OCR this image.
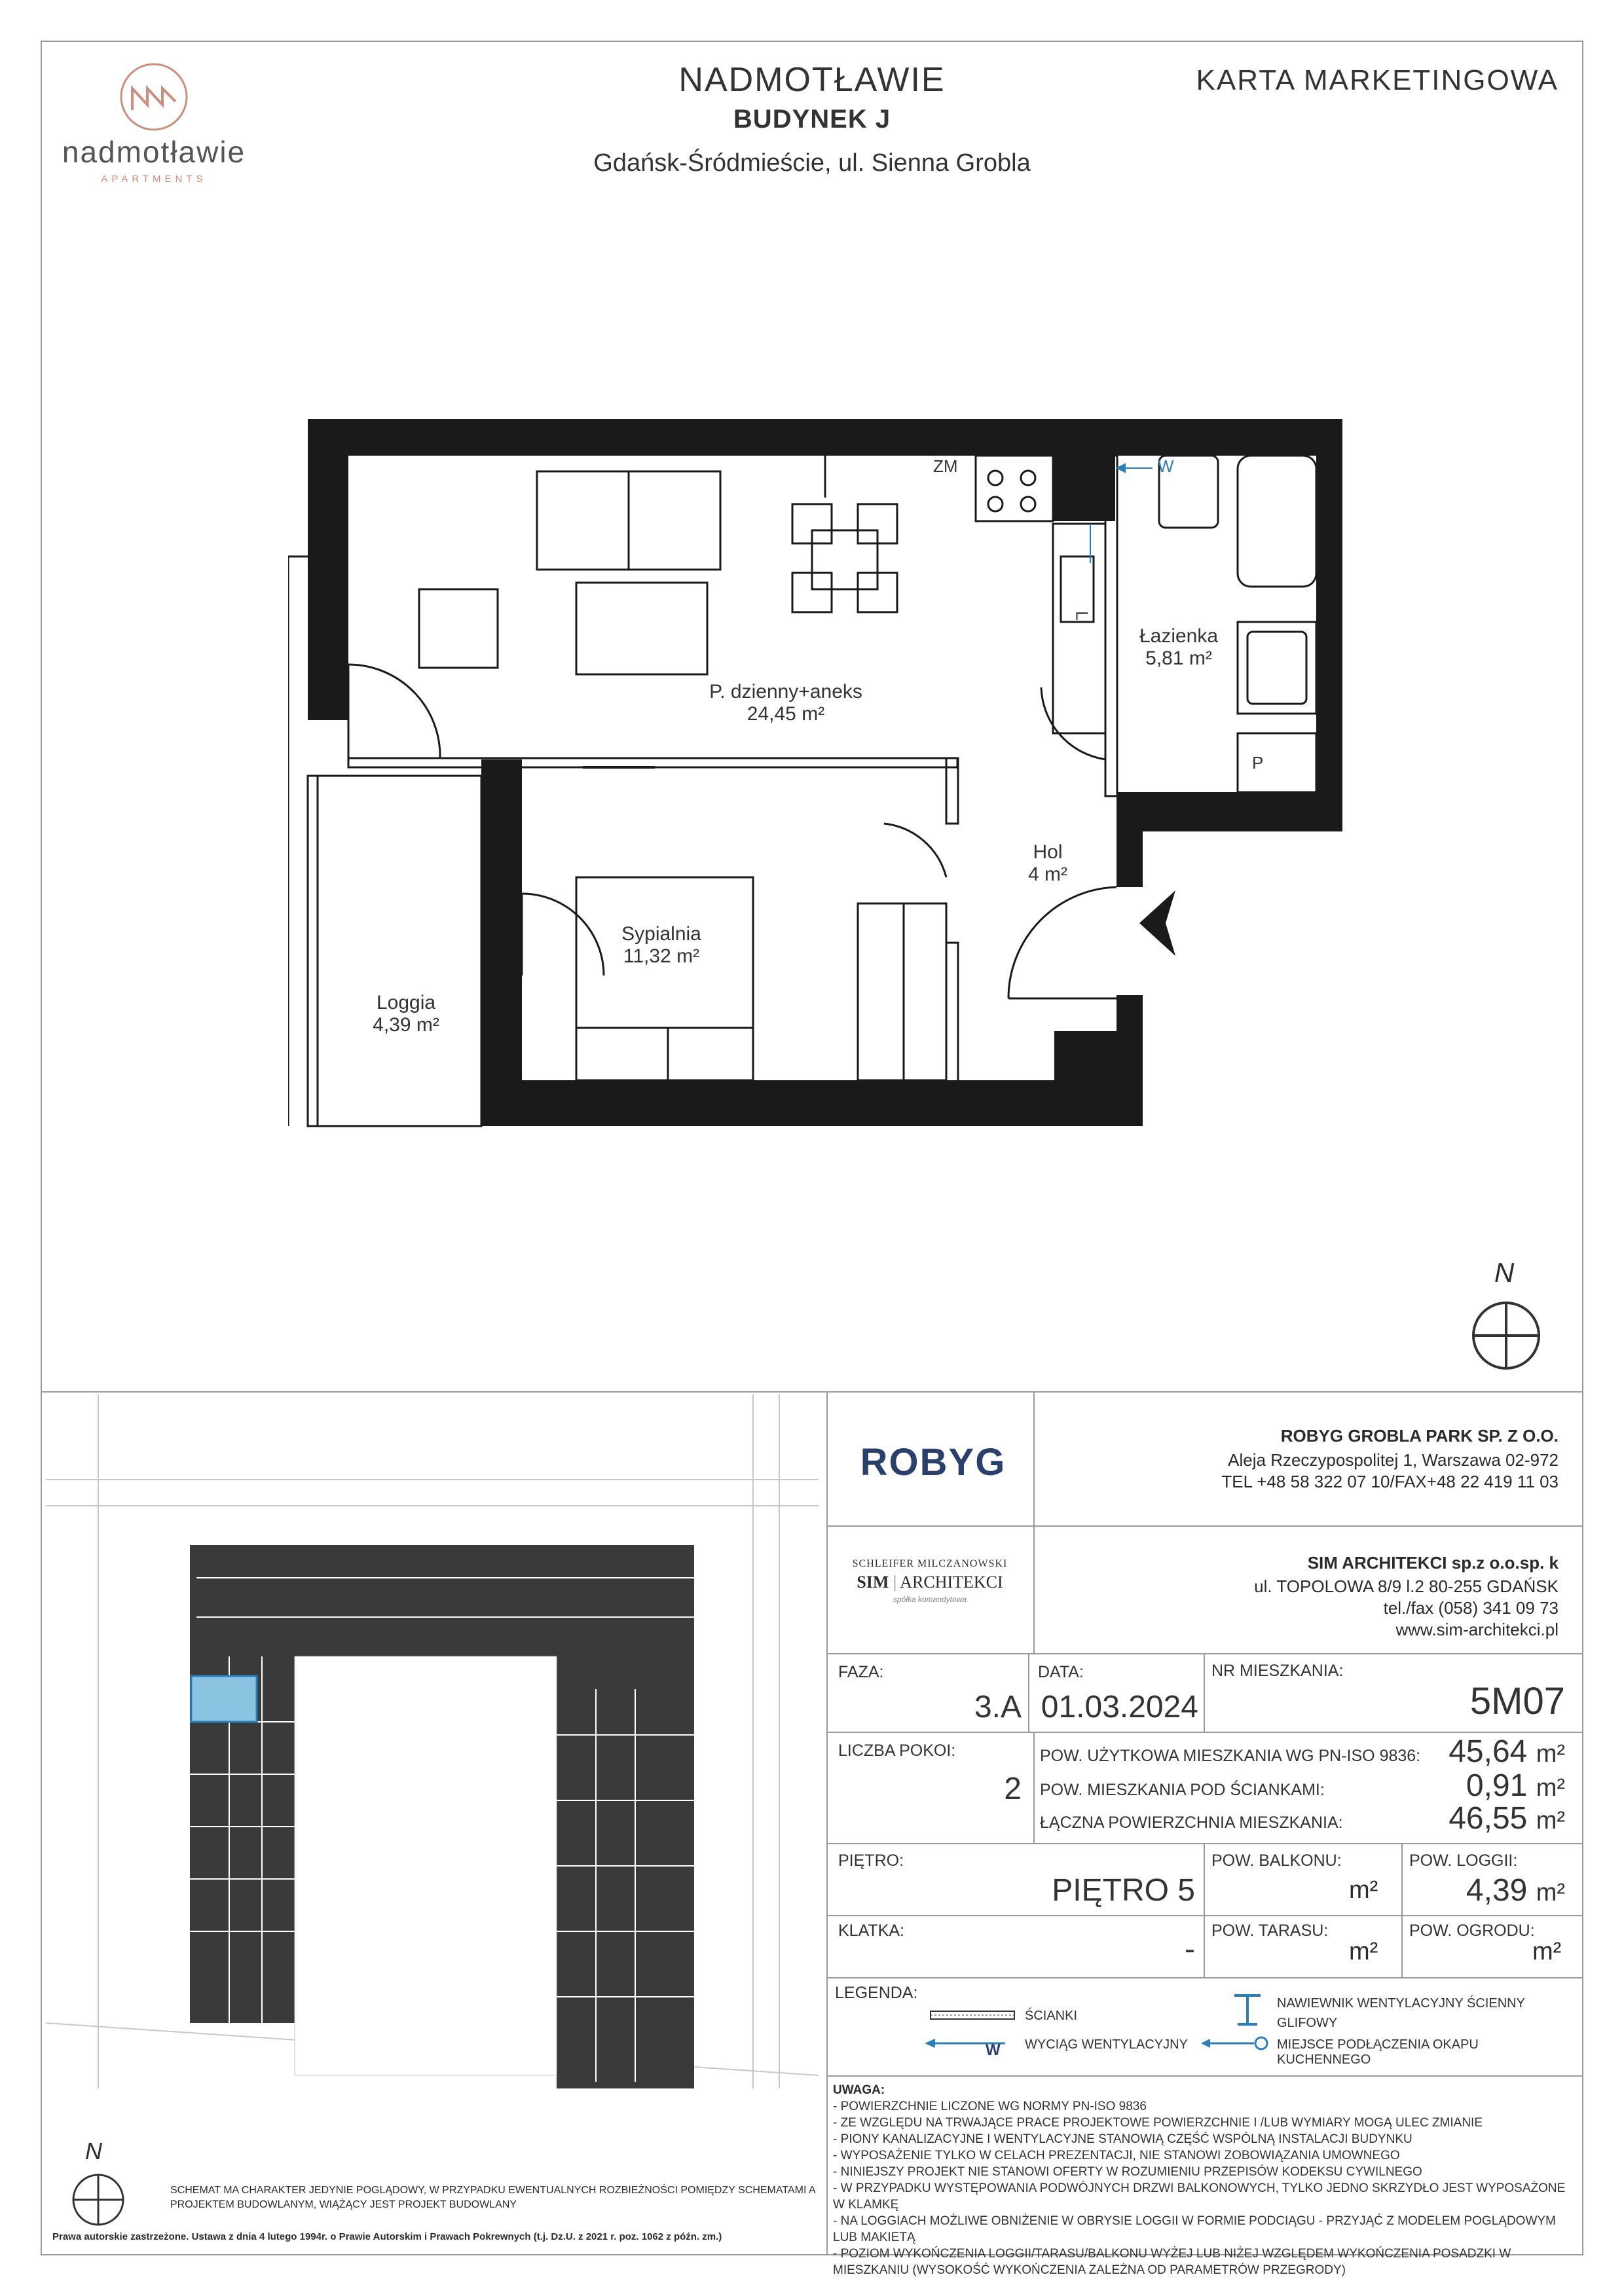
nadmotławie
APARTMENTS
NADMOTŁAWIE
BUDYNEK J
Gdańsk-Śródmieście, ul. Sienna Grobla
KARTA MARKETINGOWA
ZM	W
L
P
P. dzienny+aneks
24,45 m²
Łazienka
5,81 m²
Hol
4 m²
Sypialnia
11,32 m²
Loggia
4,39 m²
N
N
SCHEMAT MA CHARAKTER JEDYNIE POGLĄDOWY, W PRZYPADKU EWENTUALNYCH ROZBIEŻNOŚCI POMIĘDZY SCHEMATAMI A PROJEKTEM BUDOWLANYM, WIĄŻĄCY JEST PROJEKT BUDOWLANY
Prawa autorskie zastrzeżone. Ustawa z dnia 4 lutego 1994r. o Prawie Autorskim i Prawach Pokrewnych (t.j. Dz.U. z 2021 r. poz. 1062 z późn. zm.)
ROBYG
ROBYG GROBLA PARK SP. Z O.O.
Aleja Rzeczypospolitej 1, Warszawa 02-972
TEL +48 58 322 07 10/FAX+48 22 419 11 03
SCHLEIFER MILCZANOWSKI
SIM | ARCHITEKCI
spółka komandytowa
SIM ARCHITEKCI sp.z o.o.sp. k
ul. TOPOLOWA 8/9 l.2 80-255 GDAŃSK
tel./fax (058) 341 09 73
www.sim-architekci.pl
FAZA:
3.A
DATA:
01.03.2024
NR MIESZKANIA:
5M07
LICZBA POKOI:
2
POW. UŻYTKOWA MIESZKANIA WG PN-ISO 9836: 45,64 m²
POW. MIESZKANIA POD ŚCIANKAMI:	0,91 m²
ŁĄCZNA POWIERZCHNIA MIESZKANIA:	46,55 m²
PIĘTRO:
PIĘTRO 5
POW. BALKONU:
m²
POW. LOGGII:
4,39 m²
KLATKA:
-
POW. TARASU:
m²
POW. OGRODU:
m²
LEGENDA:
ŚCIANKI
W WYCIĄG WENTYLACYJNY
NAWIEWNIK WENTYLACYJNY ŚCIENNY GLIFOWY
MIEJSCE PODŁĄCZENIA OKAPU KUCHENNEGO
UWAGA:
- POWIERZCHNIE LICZONE WG NORMY PN-ISO 9836
- ZE WZGLĘDU NA TRWAJĄCE PRACE PROJEKTOWE POWIERZCHNIE I /LUB WYMIARY MOGĄ ULEC ZMIANIE
- PIONY KANALIZACYJNE I WENTYLACYJNE STANOWIĄ CZĘŚĆ WSPÓLNĄ INSTALACJI BUDYNKU
- WYPOSAŻENIE TYLKO W CELACH PREZENTACJI, NIE STANOWI ZOBOWIĄZANIA UMOWNEGO
- NINIEJSZY PROJEKT NIE STANOWI OFERTY W ROZUMIENIU PRZEPISÓW KODEKSU CYWILNEGO
- W PRZYPADKU WYSTĘPOWANIA PODWÓJNYCH DRZWI BALKONOWYCH, TYLKO JEDNO SKRZYDŁO JEST WYPOSAŻONE W KLAMKĘ
- NA LOGGIACH MOŻLIWE OBNIŻENIE W OBRYSIE LOGGII W FORMIE PODCIĄGU - PRZYJĄĆ Z MODELEM POGLĄDOWYM LUB MAKIETĄ
- POZIOM WYKOŃCZENIA LOGGII/TARASU/BALKONU WYŻEJ LUB NIŻEJ WZGLĘDEM WYKOŃCZENIA POSADZKI W MIESZKANIU (WYSOKOŚĆ WYKOŃCZENIA ZALEŻNA OD PARAMETRÓW PRZEGRODY)
